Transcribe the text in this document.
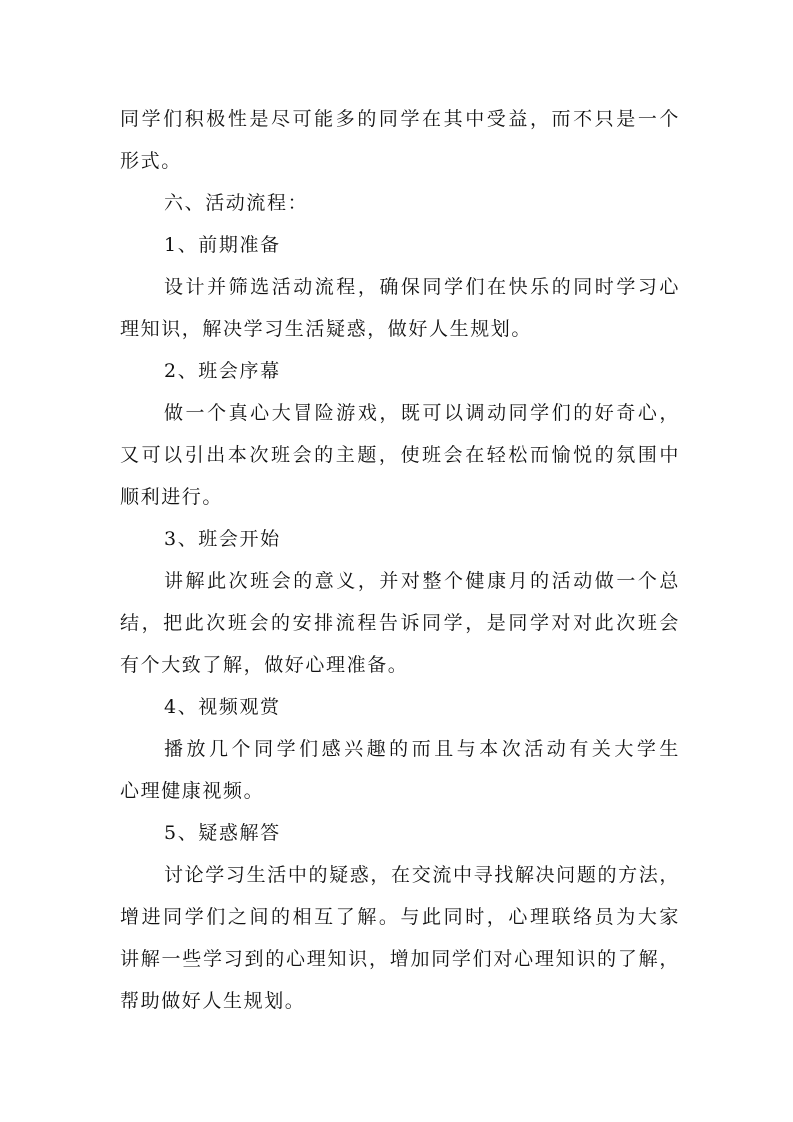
同学们积极性是尽可能多的同学在其中受益，而不只是一个
形式。
六、活动流程：
1、前期准备
设计并筛选活动流程，确保同学们在快乐的同时学习心
理知识，解决学习生活疑惑，做好人生规划。
2、班会序幕
做一个真心大冒险游戏，既可以调动同学们的好奇心，
又可以引出本次班会的主题，使班会在轻松而愉悦的氛围中
顺利进行。
3、班会开始
讲解此次班会的意义，并对整个健康月的活动做一个总
结，把此次班会的安排流程告诉同学，是同学对对此次班会
有个大致了解，做好心理准备。
4、视频观赏
播放几个同学们感兴趣的而且与本次活动有关大学生
心理健康视频。
5、疑惑解答
讨论学习生活中的疑惑，在交流中寻找解决问题的方法，
增进同学们之间的相互了解。与此同时，心理联络员为大家
讲解一些学习到的心理知识，增加同学们对心理知识的了解，
帮助做好人生规划。
